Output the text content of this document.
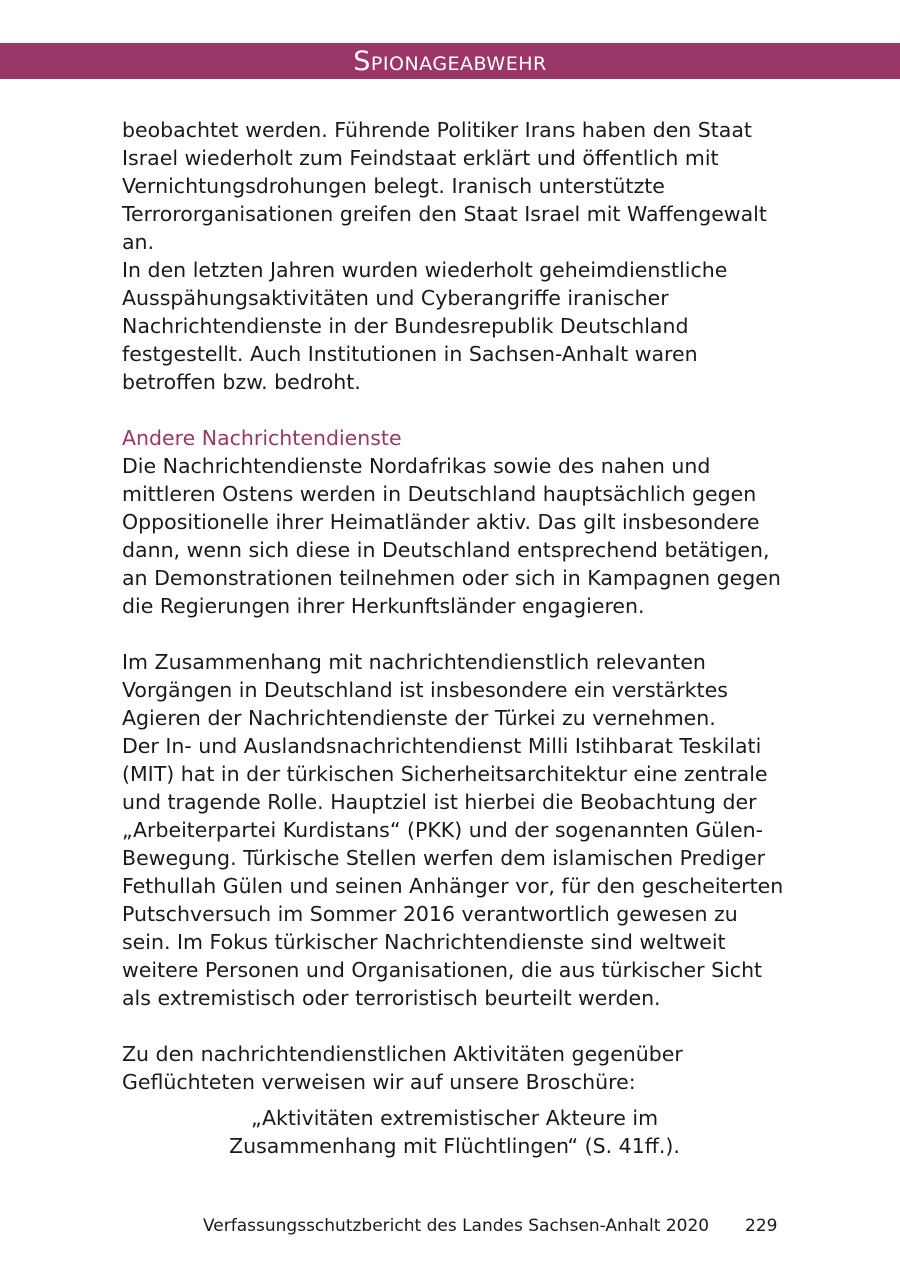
Spionageabwehr

beobachtet werden. Führende Politiker Irans haben den Staat Israel wiederholt zum Feindstaat erklärt und öffentlich mit Vernichtungsdrohungen belegt. Iranisch unterstützte Terrororganisationen greifen den Staat Israel mit Waffengewalt an.

In den letzten Jahren wurden wiederholt geheimdienstliche Ausspähungsaktivitäten und Cyberangriffe iranischer Nachrichtendienste in der Bundesrepublik Deutschland festgestellt. Auch Institutionen in Sachsen-Anhalt waren betroffen bzw. bedroht.

Andere Nachrichtendienste

Die Nachrichtendienste Nordafrikas sowie des nahen und mittleren Ostens werden in Deutschland hauptsächlich gegen Oppositionelle ihrer Heimatländer aktiv. Das gilt insbesondere dann, wenn sich diese in Deutschland entsprechend betätigen, an Demonstrationen teilnehmen oder sich in Kampagnen gegen die Regierungen ihrer Herkunftsländer engagieren.

Im Zusammenhang mit nachrichtendienstlich relevanten Vorgängen in Deutschland ist insbesondere ein verstärktes Agieren der Nachrichtendienste der Türkei zu vernehmen.

Der In- und Auslandsnachrichtendienst Milli Istihbarat Teskilati (MIT) hat in der türkischen Sicherheitsarchitektur eine zentrale und tragende Rolle. Hauptziel ist hierbei die Beobachtung der „Arbeiterpartei Kurdistans“ (PKK) und der sogenannten Gülen-Bewegung. Türkische Stellen werfen dem islamischen Prediger Fethullah Gülen und seinen Anhänger vor, für den gescheiterten Putschversuch im Sommer 2016 verantwortlich gewesen zu sein. Im Fokus türkischer Nachrichtendienste sind weltweit weitere Personen und Organisationen, die aus türkischer Sicht als extremistisch oder terroristisch beurteilt werden.

Zu den nachrichtendienstlichen Aktivitäten gegenüber Geflüchteten verweisen wir auf unsere Broschüre:

„Aktivitäten extremistischer Akteure im
Zusammenhang mit Flüchtlingen“ (S. 41ff.).
Verfassungsschutzbericht des Landes Sachsen-Anhalt 2020 229
